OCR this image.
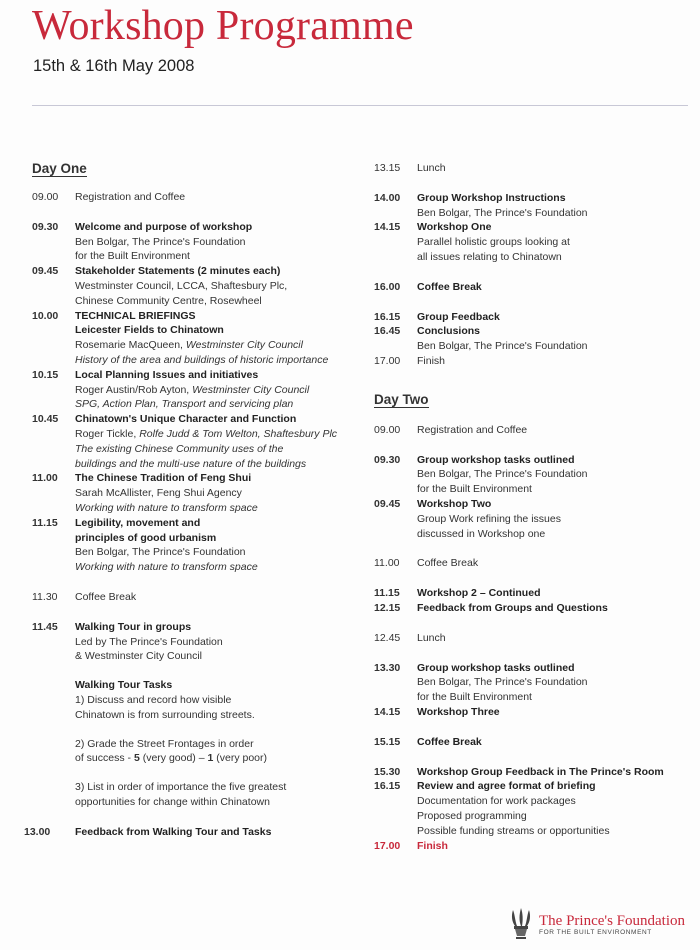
Workshop Programme
15th & 16th May 2008
Day One
09.00	Registration and Coffee
09.30	Welcome and purpose of workshop
Ben Bolgar, The Prince's Foundation
for the Built Environment
09.45	Stakeholder Statements (2 minutes each)
Westminster Council, LCCA, Shaftesbury Plc,
Chinese Community Centre, Rosewheel
10.00	TECHNICAL BRIEFINGS
Leicester Fields to Chinatown
Rosemarie MacQueen, Westminster City Council
History of the area and buildings of historic importance
10.15	Local Planning Issues and initiatives
Roger Austin/Rob Ayton, Westminster City Council
SPG, Action Plan, Transport and servicing plan
10.45	Chinatown's Unique Character and Function
Roger Tickle, Rolfe Judd & Tom Welton, Shaftesbury Plc
The existing Chinese Community uses of the
buildings and the multi-use nature of the buildings
11.00	The Chinese Tradition of Feng Shui
Sarah McAllister, Feng Shui Agency
Working with nature to transform space
11.15	Legibility, movement and
principles of good urbanism
Ben Bolgar, The Prince's Foundation
Working with nature to transform space
11.30	Coffee Break
11.45	Walking Tour in groups
Led by The Prince's Foundation
& Westminster City Council
Walking Tour Tasks
1) Discuss and record how visible
Chinatown is from surrounding streets.
2) Grade the Street Frontages in order
of success - 5 (very good) – 1 (very poor)
3) List in order of importance the five greatest
opportunities for change within Chinatown
13.00	Feedback from Walking Tour and Tasks
13.15	Lunch
14.00	Group Workshop Instructions
Ben Bolgar, The Prince's Foundation
14.15	Workshop One
Parallel holistic groups looking at
all issues relating to Chinatown
16.00	Coffee Break
16.15	Group Feedback
16.45	Conclusions
Ben Bolgar, The Prince's Foundation
17.00	Finish
Day Two
09.00	Registration and Coffee
09.30	Group workshop tasks outlined
Ben Bolgar, The Prince's Foundation
for the Built Environment
09.45	Workshop Two
Group Work refining the issues
discussed in Workshop one
11.00	Coffee Break
11.15	Workshop 2 – Continued
12.15	Feedback from Groups and Questions
12.45	Lunch
13.30	Group workshop tasks outlined
Ben Bolgar, The Prince's Foundation
for the Built Environment
14.15	Workshop Three
15.15	Coffee Break
15.30	Workshop Group Feedback in The Prince's Room
16.15	Review and agree format of briefing
Documentation for work packages
Proposed programming
Possible funding streams or opportunities
17.00	Finish
The Prince's Foundation
FOR THE BUILT ENVIRONMENT
